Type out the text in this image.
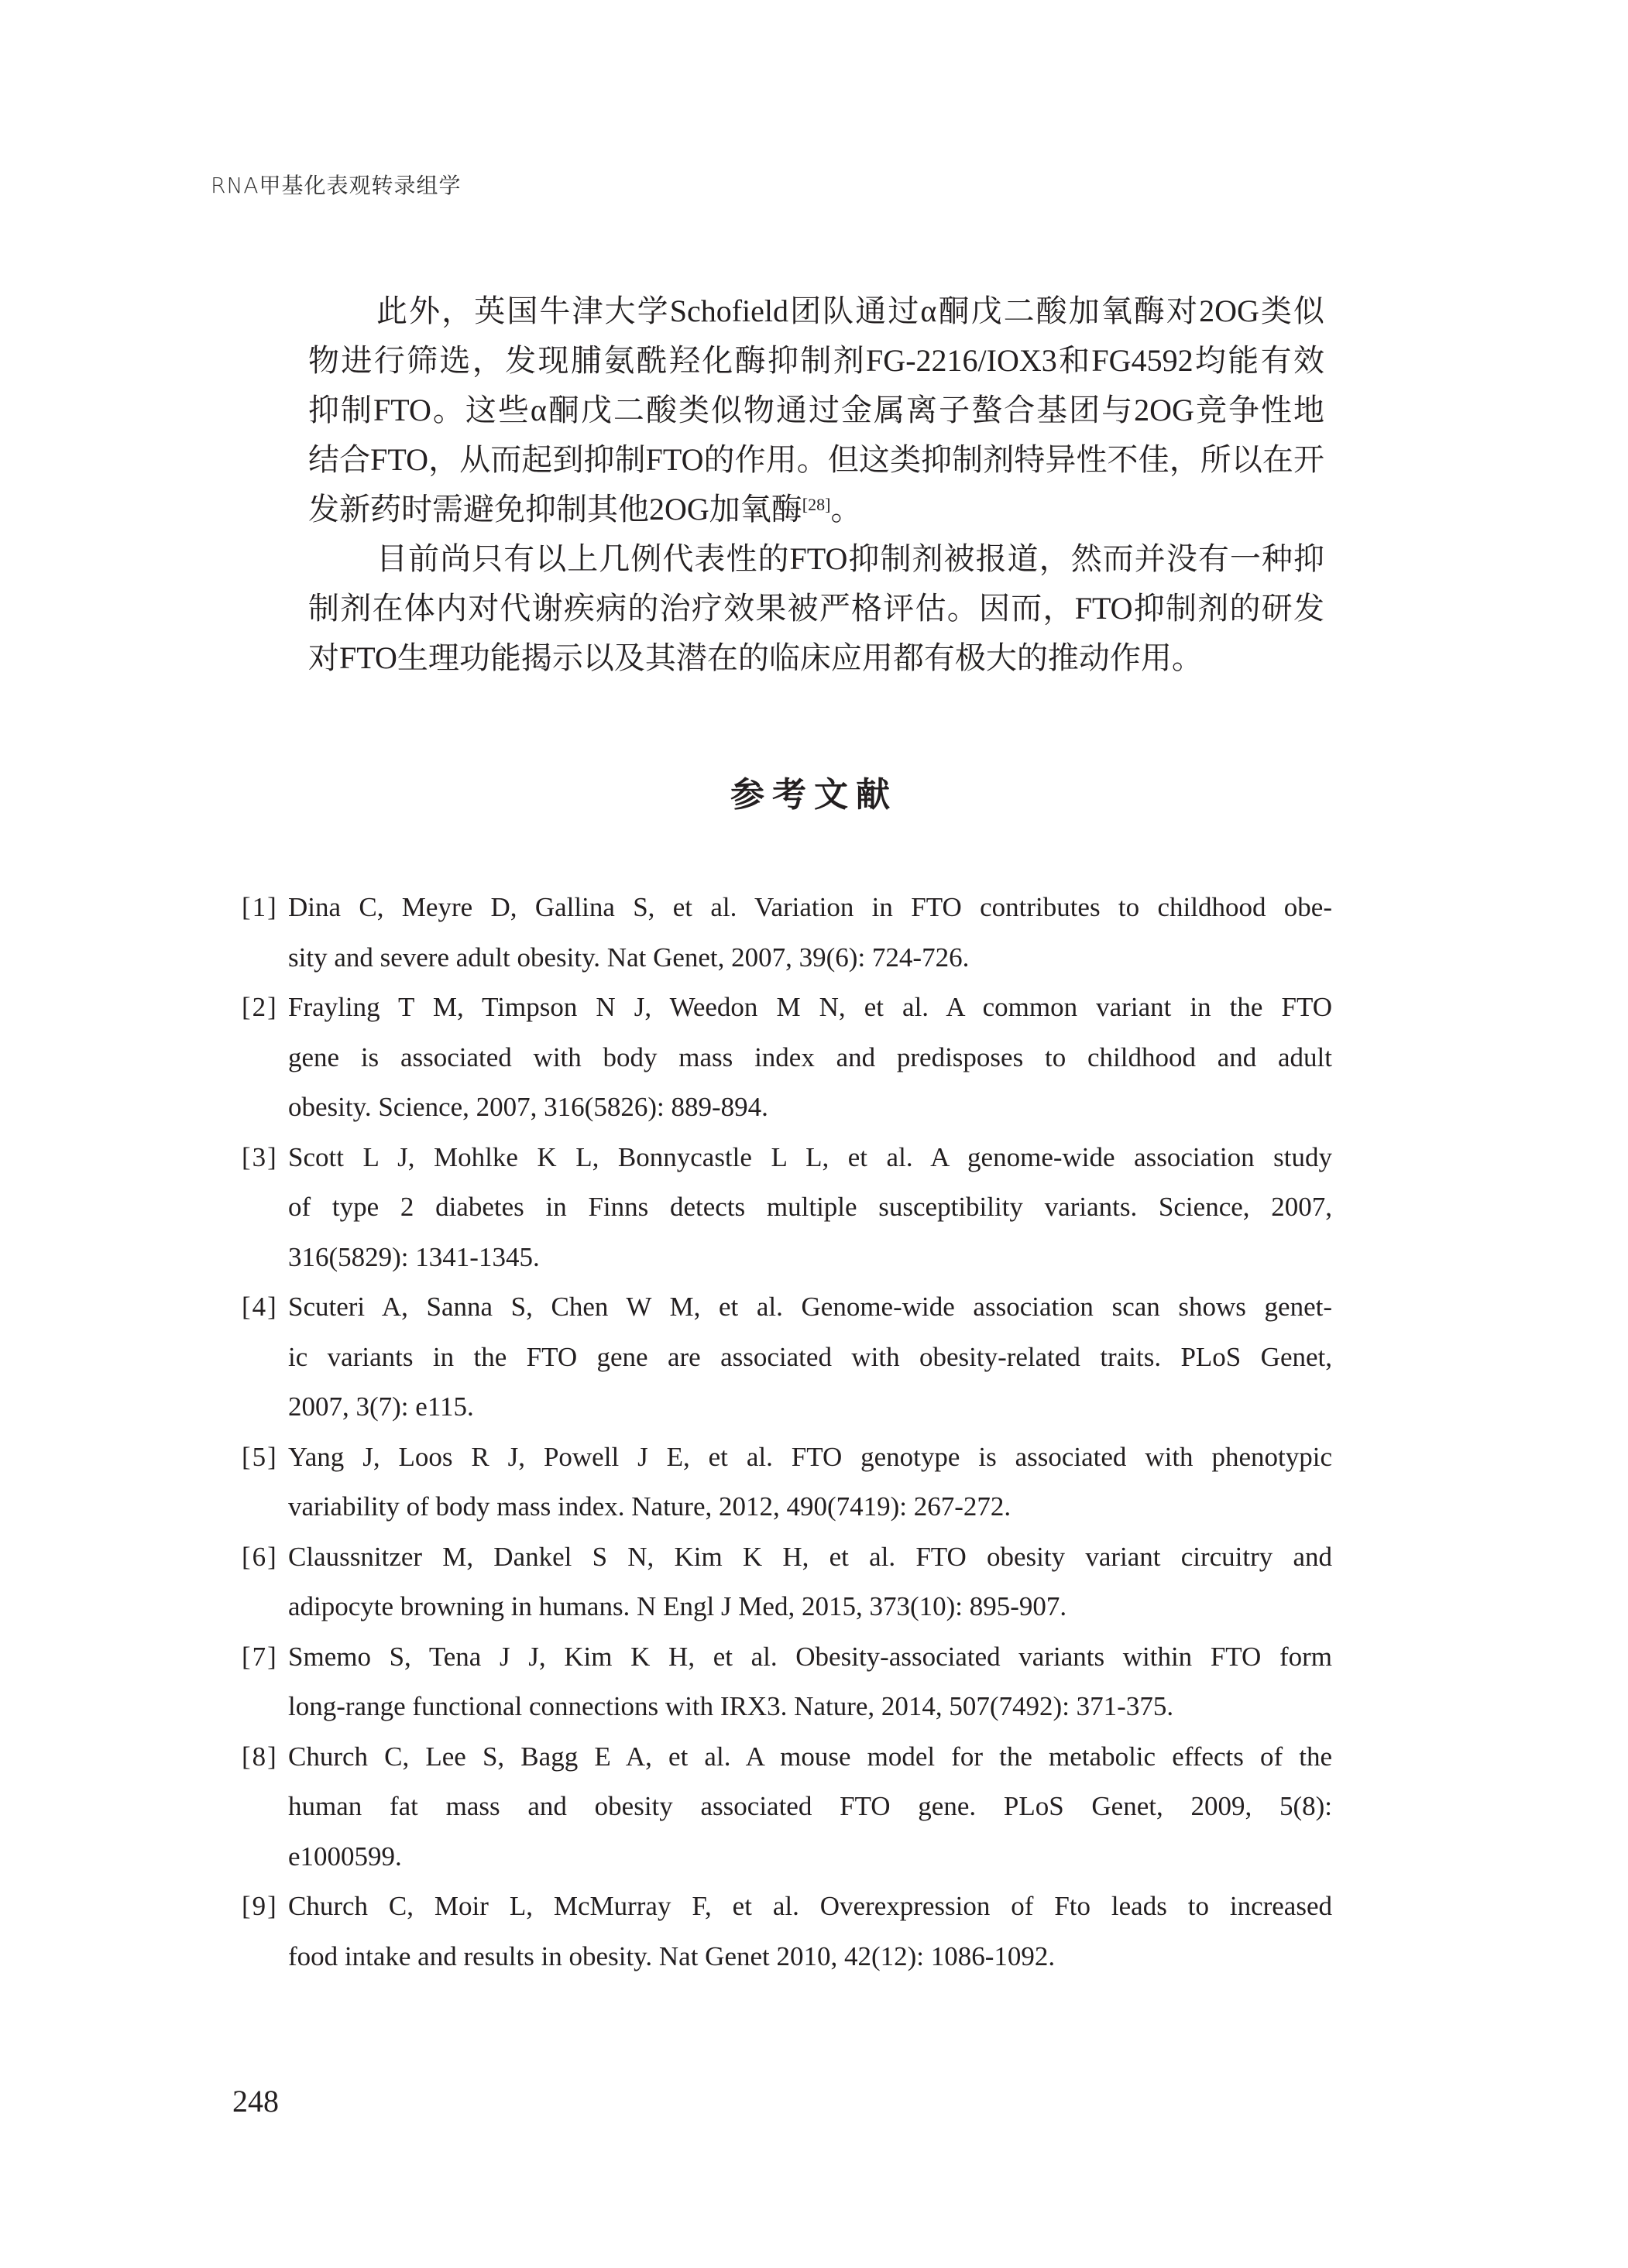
RNA甲基化表观转录组学

此外，英国牛津大学Schofield团队通过α酮戊二酸加氧酶对2OG类似
物进行筛选，发现脯氨酰羟化酶抑制剂FG-2216/IOX3和FG4592均能有效
抑制FTO。这些α酮戊二酸类似物通过金属离子螯合基团与2OG竞争性地
结合FTO，从而起到抑制FTO的作用。但这类抑制剂特异性不佳，所以在开
发新药时需避免抑制其他2OG加氧酶[28]。

目前尚只有以上几例代表性的FTO抑制剂被报道，然而并没有一种抑
制剂在体内对代谢疾病的治疗效果被严格评估。因而，FTO抑制剂的研发
对FTO生理功能揭示以及其潜在的临床应用都有极大的推动作用。

参考文献
[1] Dina C, Meyre D, Gallina S, et al. Variation in FTO contributes to childhood obe-
sity and severe adult obesity. Nat Genet, 2007, 39(6): 724-726.
[2] Frayling T M, Timpson N J, Weedon M N, et al. A common variant in the FTO
gene is associated with body mass index and predisposes to childhood and adult
obesity. Science, 2007, 316(5826): 889-894.
[3] Scott L J, Mohlke K L, Bonnycastle L L, et al. A genome-wide association study
of type 2 diabetes in Finns detects multiple susceptibility variants. Science, 2007,
316(5829): 1341-1345.
[4] Scuteri A, Sanna S, Chen W M, et al. Genome-wide association scan shows genet-
ic variants in the FTO gene are associated with obesity-related traits. PLoS Genet,
2007, 3(7): e115.
[5] Yang J, Loos R J, Powell J E, et al. FTO genotype is associated with phenotypic
variability of body mass index. Nature, 2012, 490(7419): 267-272.
[6] Claussnitzer M, Dankel S N, Kim K H, et al. FTO obesity variant circuitry and
adipocyte browning in humans. N Engl J Med, 2015, 373(10): 895-907.
[7] Smemo S, Tena J J, Kim K H, et al. Obesity-associated variants within FTO form
long-range functional connections with IRX3. Nature, 2014, 507(7492): 371-375.
[8] Church C, Lee S, Bagg E A, et al. A mouse model for the metabolic effects of the
human fat mass and obesity associated FTO gene. PLoS Genet, 2009, 5(8):
e1000599.
[9] Church C, Moir L, McMurray F, et al. Overexpression of Fto leads to increased
food intake and results in obesity. Nat Genet 2010, 42(12): 1086-1092.
248
